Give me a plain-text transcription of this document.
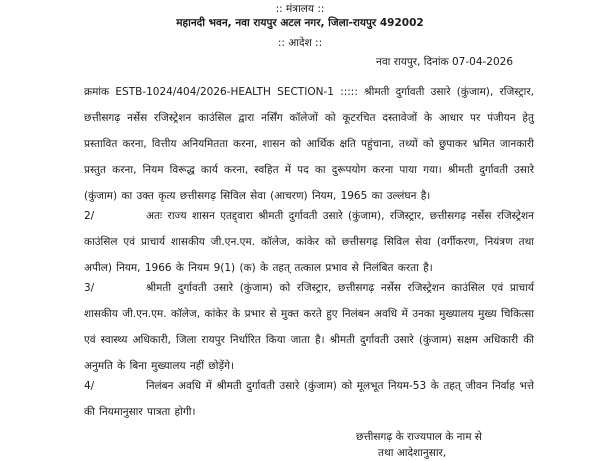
:: मंत्रालय ::
महानदी भवन, नवा रायपुर अटल नगर, जिला-रायपुर 492002
:: आदेश ::
नवा रायपुर, दिनांक 07-04-2026
क्रमांक ESTB-1024/404/2026-HEALTH SECTION-1 ::::: श्रीमती दुर्गावती उसारे (कुंजाम), रजिस्ट्रार, छत्तीसगढ़ नर्सेस रजिस्ट्रेशन काउंसिल द्वारा नर्सिंग कॉलेजों को कूटरचित दस्तावेजों के आधार पर पंजीयन हेतु प्रस्तावित करना, वित्तीय अनियमितता करना, शासन को आर्थिक क्षति पहुंचाना, तथ्यों को छुपाकर भ्रमित जानकारी प्रस्तुत करना, नियम विरूद्ध कार्य करना, स्वहित में पद का दुरूपयोग करना पाया गया। श्रीमती दुर्गावती उसारे (कुंजाम) का उक्त कृत्य छत्तीसगढ़ सिविल सेवा (आचरण) नियम, 1965 का उल्लंघन है।
2/	अतः राज्य शासन एतद्द्वारा श्रीमती दुर्गावती उसारे (कुंजाम), रजिस्ट्रार, छत्तीसगढ़ नर्सेस रजिस्ट्रेशन काउंसिल एवं प्राचार्य शासकीय जी.एन.एम. कॉलेज, कांकेर को छत्तीसगढ़ सिविल सेवा (वर्गीकरण, नियंत्रण तथा अपील) नियम, 1966 के नियम 9(1) (क) के तहत् तत्काल प्रभाव से निलंबित करता है।
3/	श्रीमती दुर्गावती उसारे (कुंजाम) को रजिस्ट्रार, छत्तीसगढ़ नर्सेस रजिस्ट्रेशन काउंसिल एवं प्राचार्य शासकीय जी.एन.एम. कॉलेज, कांकेर के प्रभार से मुक्त करते हुए निलंबन अवधि में उनका मुख्यालय मुख्य चिकित्सा एवं स्वास्थ्य अधिकारी, जिला रायपुर निर्धारित किया जाता है। श्रीमती दुर्गावती उसारे (कुंजाम) सक्षम अधिकारी की अनुमति के बिना मुख्यालय नहीं छोड़ेंगे।
4/	निलंबन अवधि में श्रीमती दुर्गावती उसारे (कुंजाम) को मूलभूत नियम-53 के तहत् जीवन निर्वाह भत्ते की नियमानुसार पात्रता होगी।
छत्तीसगढ़ के राज्यपाल के नाम से
तथा आदेशानुसार,
